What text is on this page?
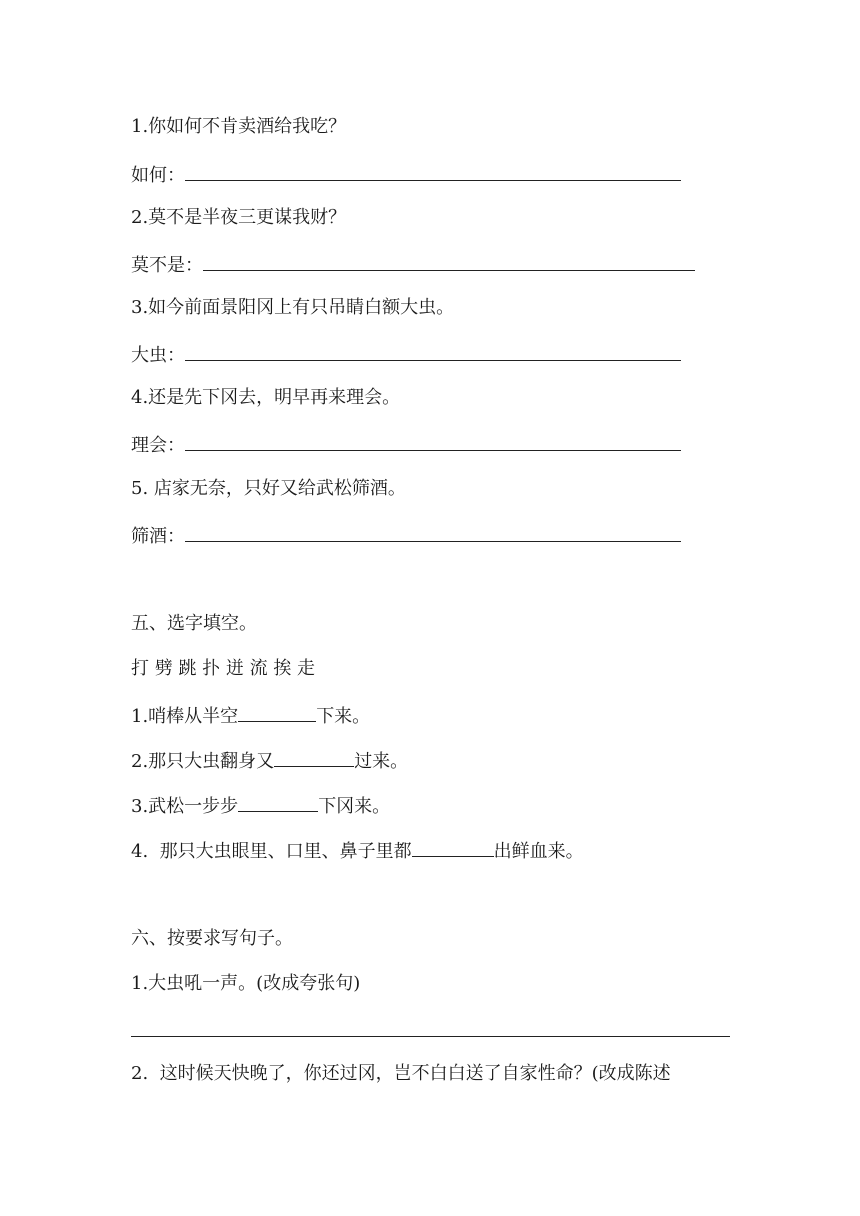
1.你如何不肯卖酒给我吃？
如何：
2.莫不是半夜三更谋我财？
莫不是：
3.如今前面景阳冈上有只吊睛白额大虫。
大虫：
4.还是先下冈去，明早再来理会。
理会：
5. 店家无奈，只好又给武松筛酒。
筛酒：
五、选字填空。
打 劈 跳 扑 迸 流 挨 走
1.哨棒从半空	下来。
2.那只大虫翻身又	过来。
3.武松一步步	下冈来。
4.  那只大虫眼里、口里、鼻子里都	出鲜血来。
六、按要求写句子。
1.大虫吼一声。(改成夸张句)
2.  这时候天快晚了，你还过冈，岂不白白送了自家性命？(改成陈述
